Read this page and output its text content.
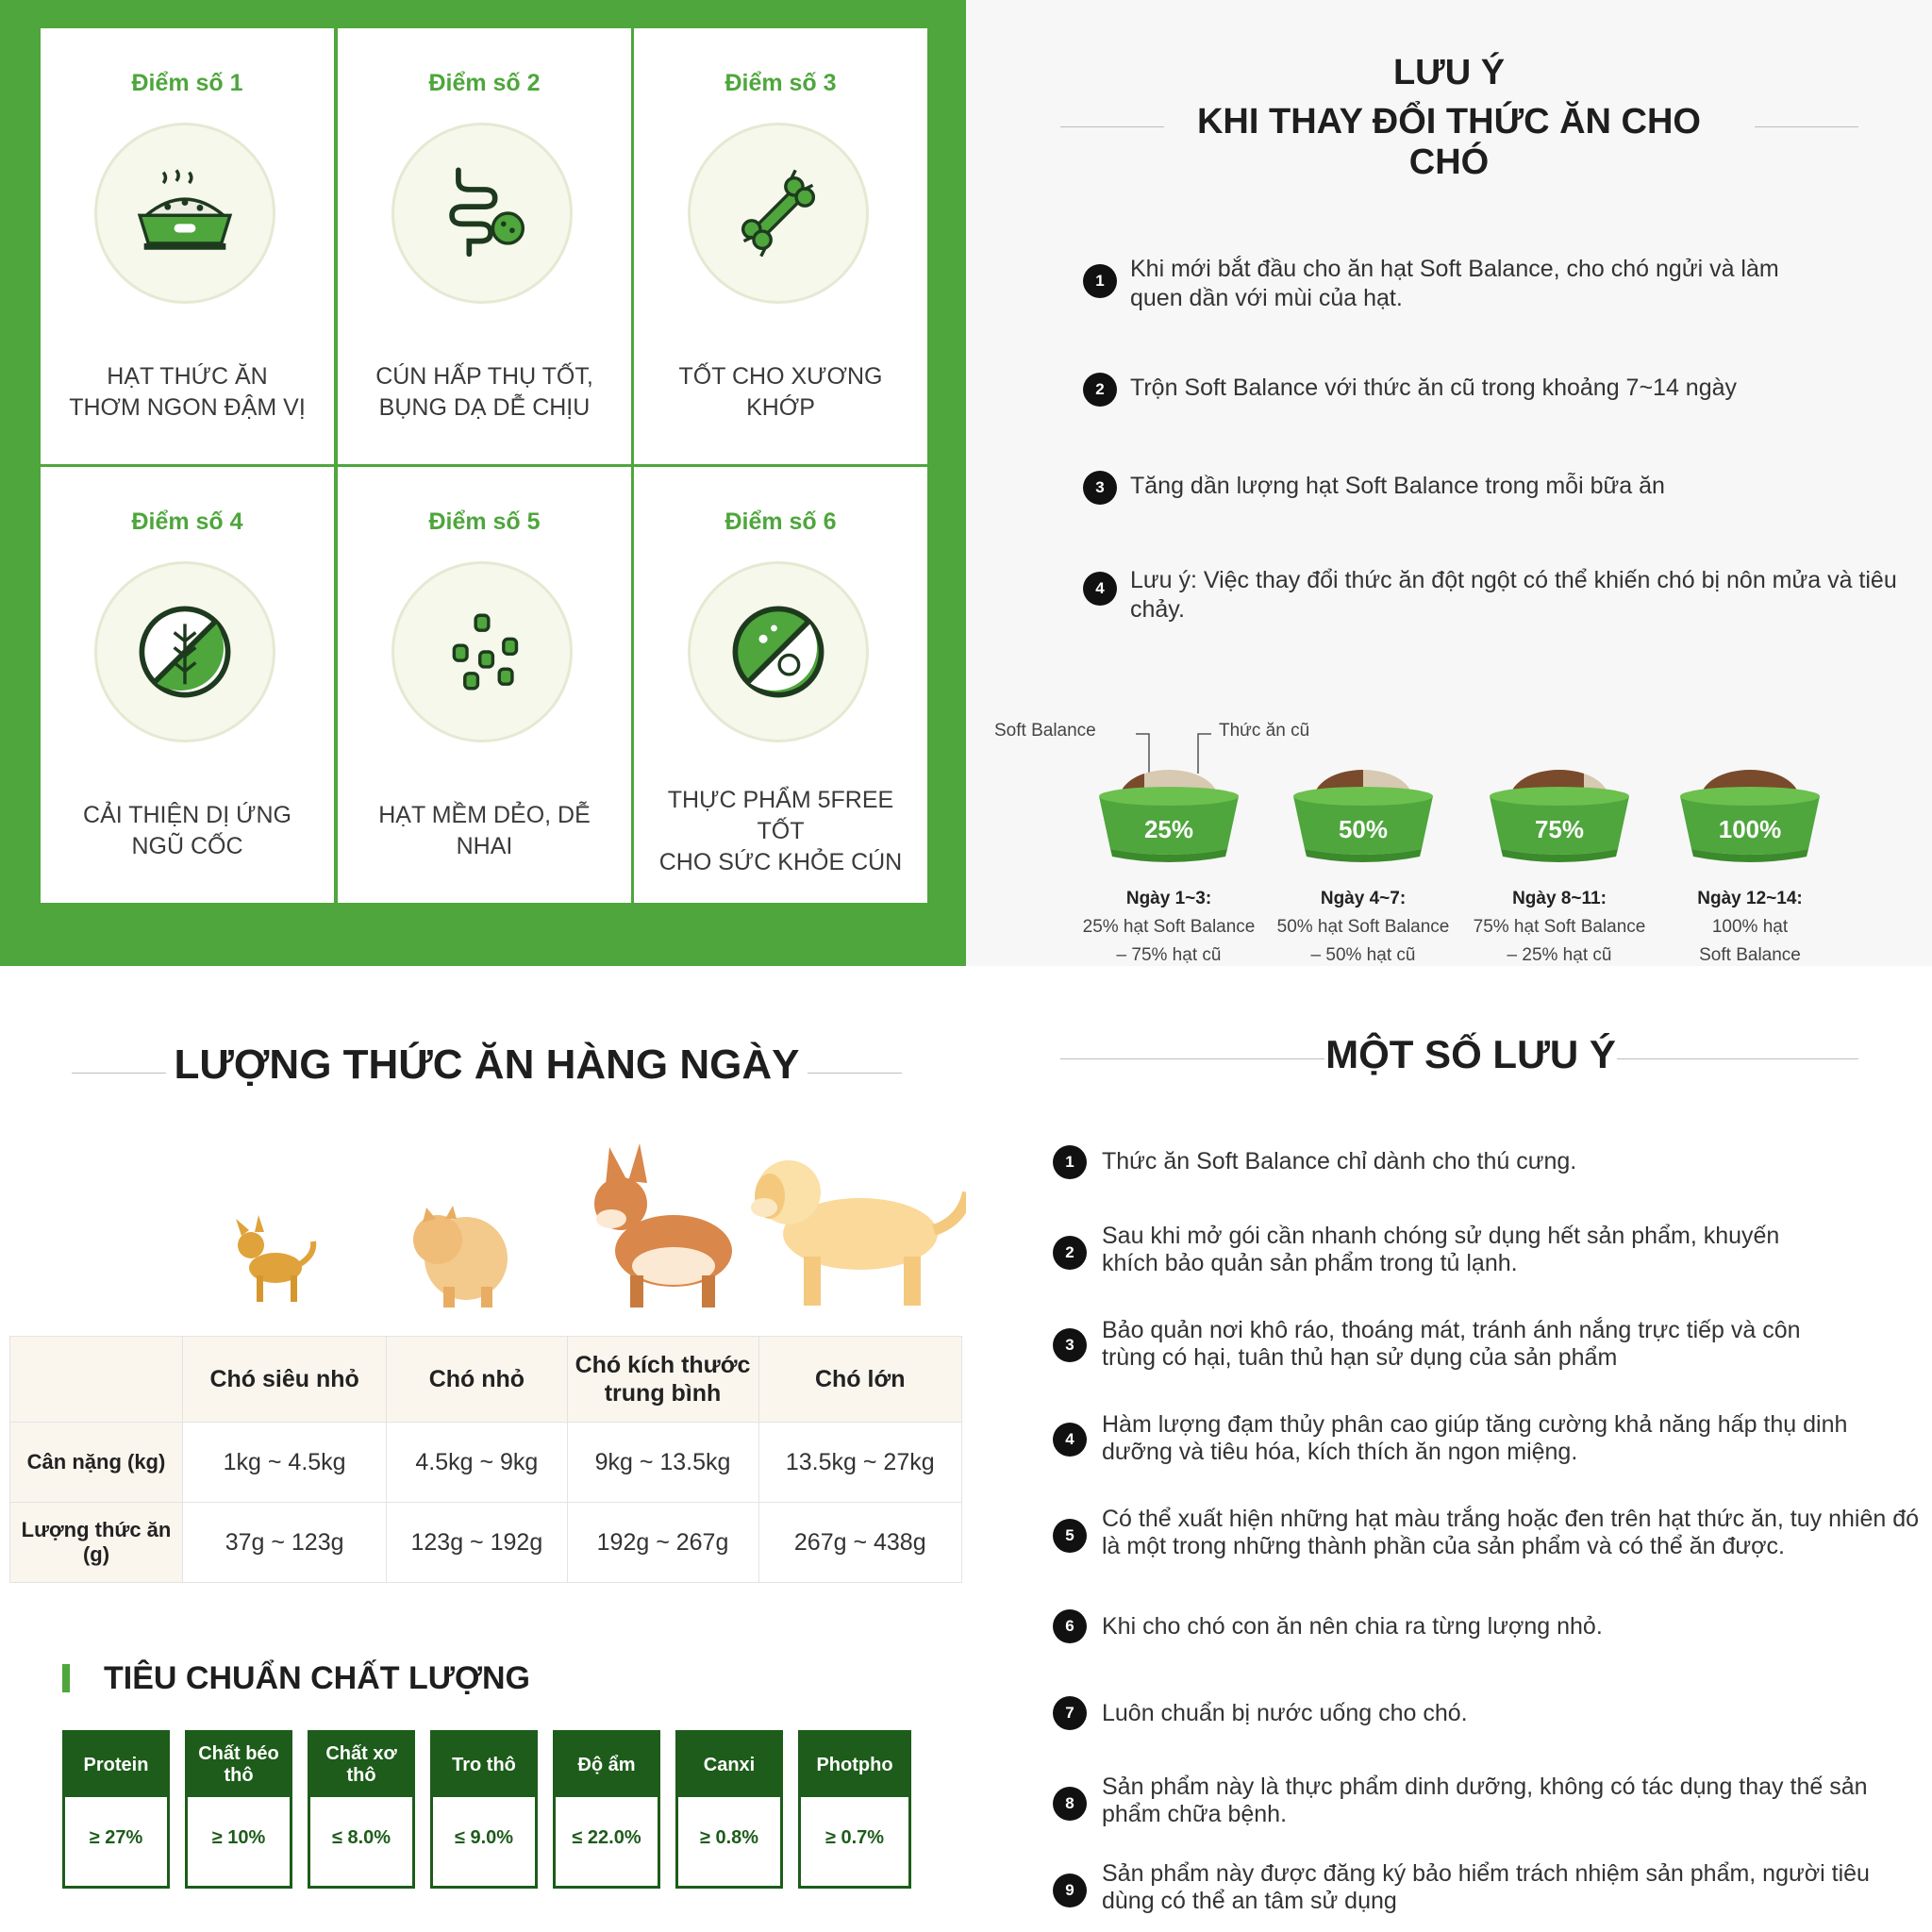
Điểm số 1
HẠT THỨC ĂN
THƠM NGON ĐẬM VỊ
Điểm số 2
CÚN HẤP THỤ TỐT,
BỤNG DẠ DỄ CHỊU
Điểm số 3
TỐT CHO XƯƠNG KHỚP
Điểm số 4
CẢI THIỆN DỊ ỨNG
NGŨ CỐC
Điểm số 5
HẠT MỀM DẺO, DỄ NHAI
Điểm số 6
THỰC PHẨM 5FREE TỐT
CHO SỨC KHỎE CÚN
LƯU Ý
KHI THAY ĐỔI THỨC ĂN CHO CHÓ
1	Khi mới bắt đầu cho ăn hạt Soft Balance, cho chó ngửi và làm quen dần với mùi của hạt.
2	Trộn Soft Balance với thức ăn cũ trong khoảng 7~14 ngày
3	Tăng dần lượng hạt Soft Balance trong mỗi bữa ăn
4	Lưu ý: Việc thay đổi thức ăn đột ngột có thể khiến chó bị nôn mửa và tiêu chảy.
Soft Balance	Thức ăn cũ
25%	50%	75%	100%
Ngày 1~3:
25% hạt Soft Balance
– 75% hạt cũ
Ngày 4~7:
50% hạt Soft Balance
– 50% hạt cũ
Ngày 8~11:
75% hạt Soft Balance
– 25% hạt cũ
Ngày 12~14:
100% hạt
Soft Balance
LƯỢNG THỨC ĂN HÀNG NGÀY
	Chó siêu nhỏ	Chó nhỏ	Chó kích thước trung bình	Chó lớn
Cân nặng (kg)	1kg ~ 4.5kg	4.5kg ~ 9kg	9kg ~ 13.5kg	13.5kg ~ 27kg
Lượng thức ăn (g)	37g ~ 123g	123g ~ 192g	192g ~ 267g	267g ~ 438g
TIÊU CHUẨN CHẤT LƯỢNG
Protein
≥ 27%
Chất béo thô
≥ 10%
Chất xơ thô
≤ 8.0%
Tro thô
≤ 9.0%
Độ ẩm
≤ 22.0%
Canxi
≥ 0.8%
Photpho
≥ 0.7%
MỘT SỐ LƯU Ý
1	Thức ăn Soft Balance chỉ dành cho thú cưng.
2
Sau khi mở gói cần nhanh chóng sử dụng hết sản phẩm, khuyến khích bảo quản sản phẩm trong tủ lạnh.
3
Bảo quản nơi khô ráo, thoáng mát, tránh ánh nắng trực tiếp và côn trùng có hại, tuân thủ hạn sử dụng của sản phẩm
4
Hàm lượng đạm thủy phân cao giúp tăng cường khả năng hấp thụ dinh dưỡng và tiêu hóa, kích thích ăn ngon miệng.
5
Có thể xuất hiện những hạt màu trắng hoặc đen trên hạt thức ăn, tuy nhiên đó là một trong những thành phần của sản phẩm và có thể ăn được.
6	Khi cho chó con ăn nên chia ra từng lượng nhỏ.
7	Luôn chuẩn bị nước uống cho chó.
8
Sản phẩm này là thực phẩm dinh dưỡng, không có tác dụng thay thế sản phẩm chữa bệnh.
9
Sản phẩm này được đăng ký bảo hiểm trách nhiệm sản phẩm, người tiêu dùng có thể an tâm sử dụng
